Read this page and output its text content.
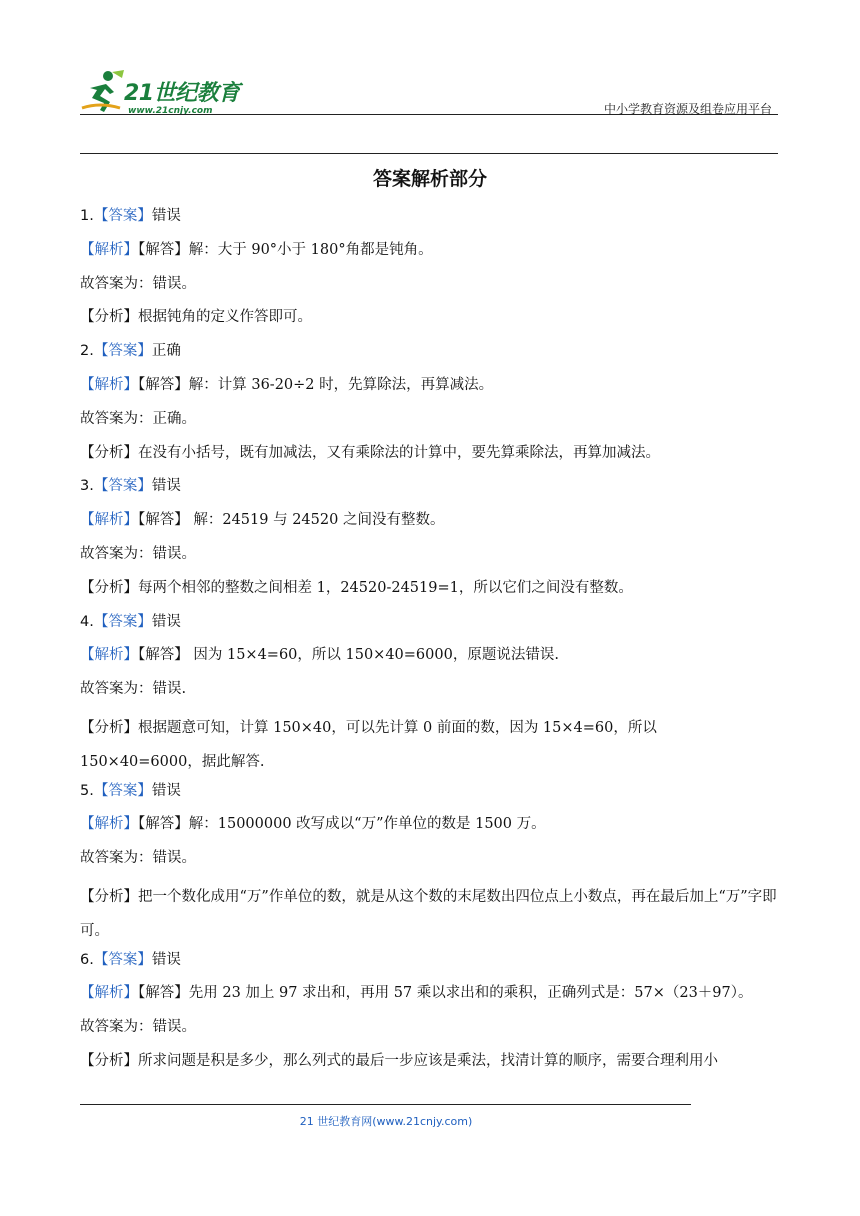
21世纪教育
www.21cnjy.com	中小学教育资源及组卷应用平台
答案解析部分
1.【答案】错误
【解析】【解答】解：大于 90°小于 180°角都是钝角。
故答案为：错误。
【分析】根据钝角的定义作答即可。
2.【答案】正确
【解析】【解答】解：计算 36-20÷2 时，先算除法，再算减法。
故答案为：正确。
【分析】在没有小括号，既有加减法，又有乘除法的计算中，要先算乘除法，再算加减法。
3.【答案】错误
【解析】【解答】 解：24519 与 24520 之间没有整数。
故答案为：错误。
【分析】每两个相邻的整数之间相差 1，24520-24519=1，所以它们之间没有整数。
4.【答案】错误
【解析】【解答】 因为 15×4=60，所以 150×40=6000，原题说法错误.
故答案为：错误.
【分析】根据题意可知，计算 150×40，可以先计算 0 前面的数，因为 15×4=60，所以 150×40=6000，据此解答.
5.【答案】错误
【解析】【解答】解：15000000 改写成以“万”作单位的数是 1500 万。
故答案为：错误。
【分析】把一个数化成用“万”作单位的数，就是从这个数的末尾数出四位点上小数点，再在最后加上“万”字即可。
6.【答案】错误
【解析】【解答】先用 23 加上 97 求出和，再用 57 乘以求出和的乘积，正确列式是：57×（23＋97）。
故答案为：错误。
【分析】所求问题是积是多少，那么列式的最后一步应该是乘法，找清计算的顺序，需要合理利用小
21 世纪教育网(www.21cnjy.com)
